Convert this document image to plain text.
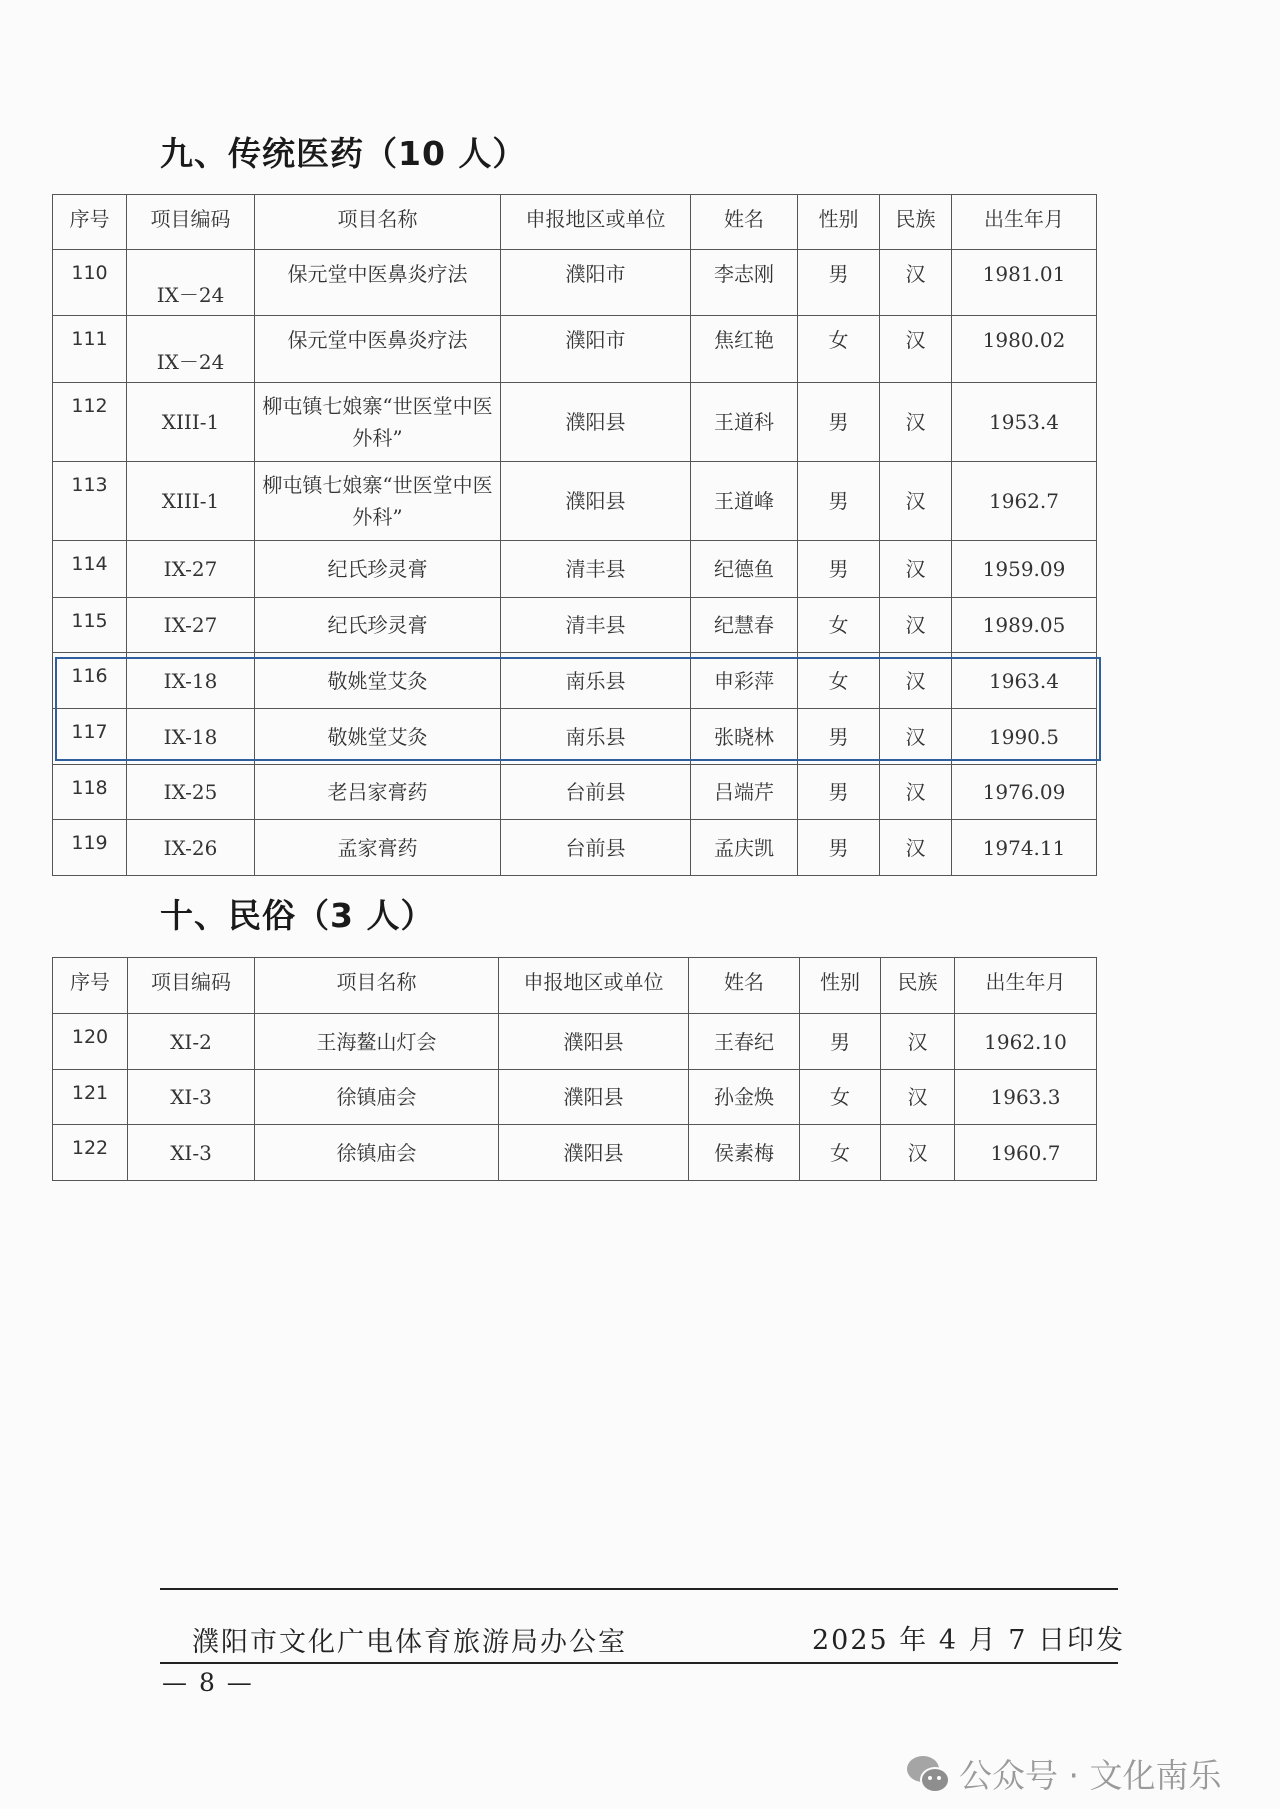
九、传统医药（10 人）
序号	项目编码	项目名称	申报地区或单位	姓名	性别	民族	出生年月
110	IX－24	保元堂中医鼻炎疗法	濮阳市	李志刚	男	汉	1981.01
111	IX－24	保元堂中医鼻炎疗法	濮阳市	焦红艳	女	汉	1980.02
112	XIII-1	柳屯镇七娘寨“世医堂中医外科”	濮阳县	王道科	男	汉	1953.4
113	XIII-1	柳屯镇七娘寨“世医堂中医外科”	濮阳县	王道峰	男	汉	1962.7
114	IX-27	纪氏珍灵膏	清丰县	纪德鱼	男	汉	1959.09
115	IX-27	纪氏珍灵膏	清丰县	纪慧春	女	汉	1989.05
116	IX-18	敬姚堂艾灸	南乐县	申彩萍	女	汉	1963.4
117	IX-18	敬姚堂艾灸	南乐县	张晓林	男	汉	1990.5
118	IX-25	老吕家膏药	台前县	吕端芹	男	汉	1976.09
119	IX-26	孟家膏药	台前县	孟庆凯	男	汉	1974.11
十、民俗（3 人）
序号	项目编码	项目名称	申报地区或单位	姓名	性别	民族	出生年月
120	XI-2	王海鳌山灯会	濮阳县	王春纪	男	汉	1962.10
121	XI-3	徐镇庙会	濮阳县	孙金焕	女	汉	1963.3
122	XI-3	徐镇庙会	濮阳县	侯素梅	女	汉	1960.7
濮阳市文化广电体育旅游局办公室	2025 年 4 月 7 日印发
— 8 —
公众号 · 文化南乐
